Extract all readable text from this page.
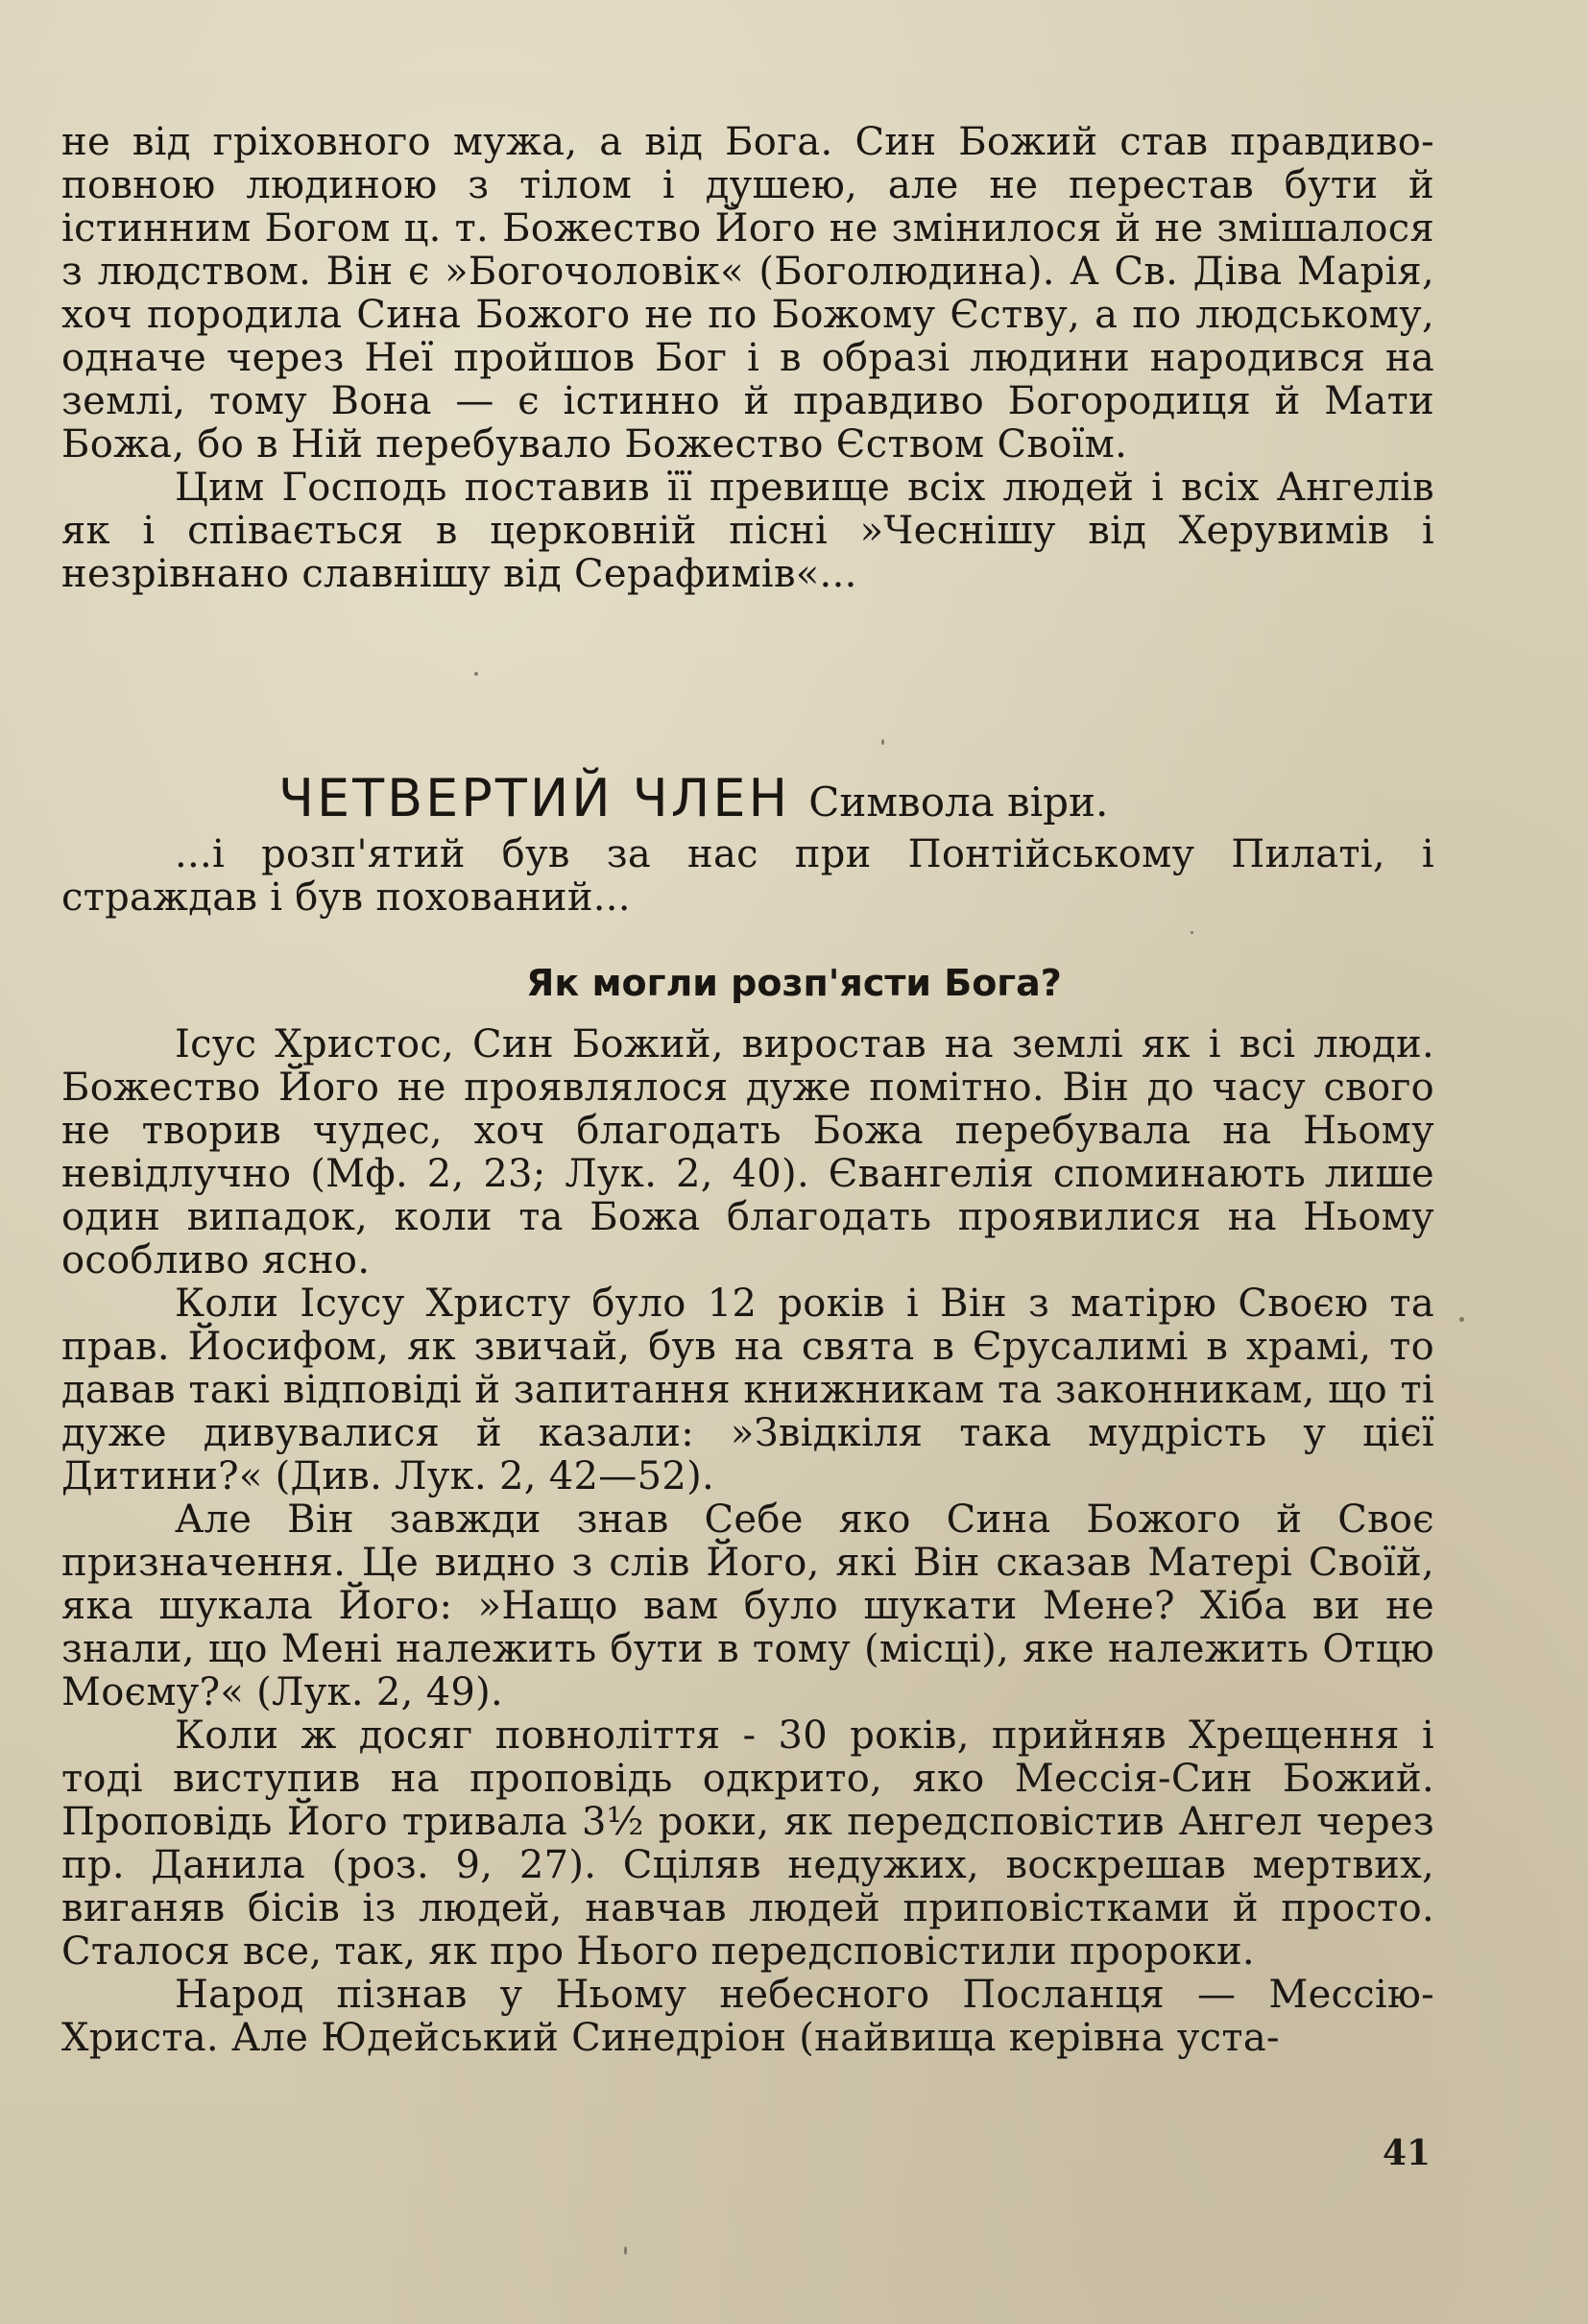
не від гріховного мужа, а від Бога. Син Божий став правдиво-повною людиною з тілом і душею, але не перестав бути й істинним Богом ц. т. Божество Його не змінилося й не змішалося з людством. Він є »Богочоловік« (Боголюдина). А Св. Діва Марія, хоч породила Сина Божого не по Божому Єству, а по людському, одначе через Неї пройшов Бог і в образі людини народився на землі, тому Вона — є істинно й правдиво Богородиця й Мати Божа, бо в Ній перебувало Божество Єством Своїм.

Цим Господь поставив її превище всіх людей і всіх Ангелів як і співається в церковній пісні »Чеснішу від Херувимів і незрівнано славнішу від Серафимів«...

ЧЕТВЕРТИЙ ЧЛЕН Символа віри.

...і розп'ятий був за нас при Понтійському Пилаті, і страждав і був похований...

Як могли розп'ясти Бога?

Ісус Христос, Син Божий, виростав на землі як і всі люди. Божество Його не проявлялося дуже помітно. Він до часу свого не творив чудес, хоч благодать Божа перебувала на Ньому невідлучно (Мф. 2, 23; Лук. 2, 40). Євангелія споминають лише один випадок, коли та Божа благодать проявилися на Ньому особливо ясно.

Коли Ісусу Христу було 12 років і Він з матірю Своєю та прав. Йосифом, як звичай, був на свята в Єрусалимі в храмі, то давав такі відповіді й запитання книжникам та законникам, що ті дуже дивувалися й казали: »Звідкіля така мудрість у цієї Дитини?« (Див. Лук. 2, 42—52).

Але Він завжди знав Себе яко Сина Божого й Своє призначення. Це видно з слів Його, які Він сказав Матері Своїй, яка шукала Його: »Нащо вам було шукати Мене? Хіба ви не знали, що Мені належить бути в тому (місці), яке належить Отцю Моєму?« (Лук. 2, 49).

Коли ж досяг повноліття - 30 років, прийняв Хрещення і тоді виступив на проповідь одкрито, яко Мессія-Син Божий. Проповідь Його тривала 3½ роки, як передсповістив Ангел через пр. Данила (роз. 9, 27). Сціляв недужих, воскрешав мертвих, виганяв бісів із людей, навчав людей приповістками й просто. Сталося все, так, як про Нього передсповістили пророки.

Народ пізнав у Ньому небесного Посланця — Мессію-Христа. Але Юдейський Синедріон (найвища керівна уста-

41
